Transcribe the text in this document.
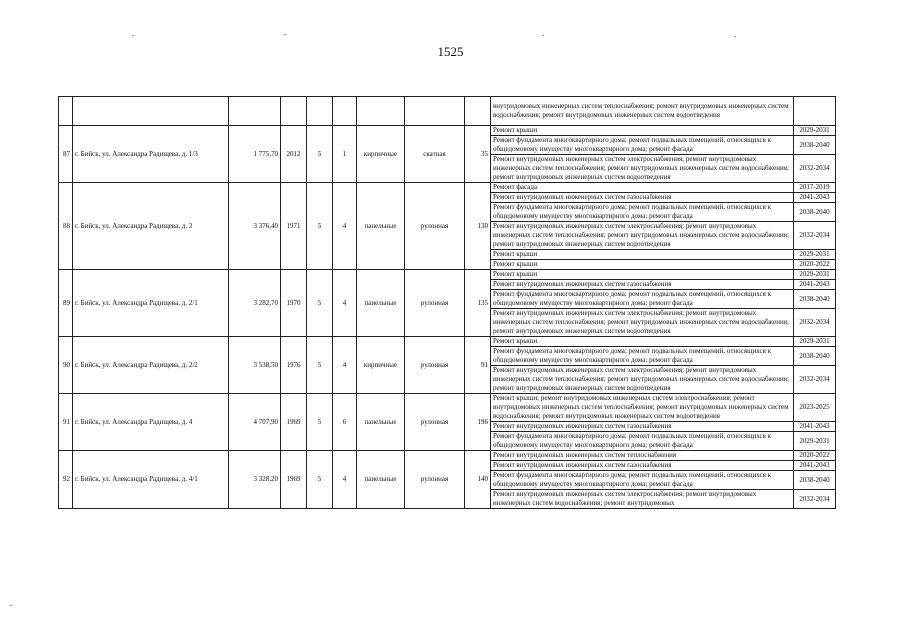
1525
									внутридомовых инженерных систем теплоснабжения; ремонт внутридомовых инженерных систем водоснабжения; ремонт внутридомовых инженерных систем водоотведения	
87	г. Бийск, ул. Александра Радищева, д. 1/3	1 775,70	2012	5	1	кирпичные	скатная	35	Ремонт крыши	2029-2031
									Ремонт фундамента многоквартирного дома; ремонт подвальных помещений, относящихся к общедомовому имуществу многоквартирного дома; ремонт фасада	2038-2040
									Ремонт внутридомовых инженерных систем электроснабжения; ремонт внутридомовых инженерных систем теплоснабжения; ремонт внутридомовых инженерных систем водоснабжения; ремонт внутридомовых инженерных систем водоотведения	2032-2034
88	г. Бийск, ул. Александра Радищева, д. 2	3 376,40	1971	5	4	панельные	рулонная	130	Ремонт фасада	2017-2019
									Ремонт внутридомовых инженерных систем газоснабжения	2041-2043
									Ремонт фундамента многоквартирного дома; ремонт подвальных помещений, относящихся к общедомовому имуществу многоквартирного дома; ремонт фасада	2038-2040
									Ремонт внутридомовых инженерных систем электроснабжения; ремонт внутридомовых инженерных систем теплоснабжения; ремонт внутридомовых инженерных систем водоснабжения; ремонт внутридомовых инженерных систем водоотведения	2032-2034
									Ремонт крыши	2029-2031
									Ремонт крыши	2020-2022
89	г. Бийск, ул. Александра Радищева, д. 2/1	3 282,70	1970	5	4	панельные	рулонная	135	Ремонт крыши	2029-2031
									Ремонт внутридомовых инженерных систем газоснабжения	2041-2043
									Ремонт фундамента многоквартирного дома; ремонт подвальных помещений, относящихся к общедомовому имуществу многоквартирного дома; ремонт фасада	2038-2040
									Ремонт внутридомовых инженерных систем электроснабжения; ремонт внутридомовых инженерных систем теплоснабжения; ремонт внутридомовых инженерных систем водоснабжения; ремонт внутридомовых инженерных систем водоотведения	2032-2034
90	г. Бийск, ул. Александра Радищева, д. 2/2	3 538,50	1976	5	4	кирпичные	рулонная	91	Ремонт крыши	2029-2031
									Ремонт фундамента многоквартирного дома; ремонт подвальных помещений, относящихся к общедомовому имуществу многоквартирного дома; ремонт фасада	2038-2040
									Ремонт внутридомовых инженерных систем электроснабжения; ремонт внутридомовых инженерных систем теплоснабжения; ремонт внутридомовых инженерных систем водоснабжения; ремонт внутридомовых инженерных систем водоотведения	2032-2034
91	г. Бийск, ул. Александра Радищева, д. 4	4 707,90	1969	5	6	панельные	рулонная	196	Ремонт крыши; ремонт внутридомовых инженерных систем электроснабжения; ремонт внутридомовых инженерных систем теплоснабжения; ремонт внутридомовых инженерных систем водоснабжения; ремонт внутридомовых инженерных систем водоотведения	2023-2025
									Ремонт внутридомовых инженерных систем газоснабжения	2041-2043
									Ремонт фундамента многоквартирного дома; ремонт подвальных помещений, относящихся к общедомовому имуществу многоквартирного дома; ремонт фасада	2029-2031
92	г. Бийск, ул. Александра Радищева, д. 4/1	3 328,20	1969	5	4	панельные	рулонная	140	Ремонт внутридомовых инженерных систем теплоснабжения	2020-2022
									Ремонт внутридомовых инженерных систем газоснабжения	2041-2043
									Ремонт фундамента многоквартирного дома; ремонт подвальных помещений, относящихся к общедомовому имуществу многоквартирного дома; ремонт фасада	2038-2040
									Ремонт внутридомовых инженерных систем электроснабжения; ремонт внутридомовых инженерных систем водоснабжения; ремонт внутридомовых	2032-2034
